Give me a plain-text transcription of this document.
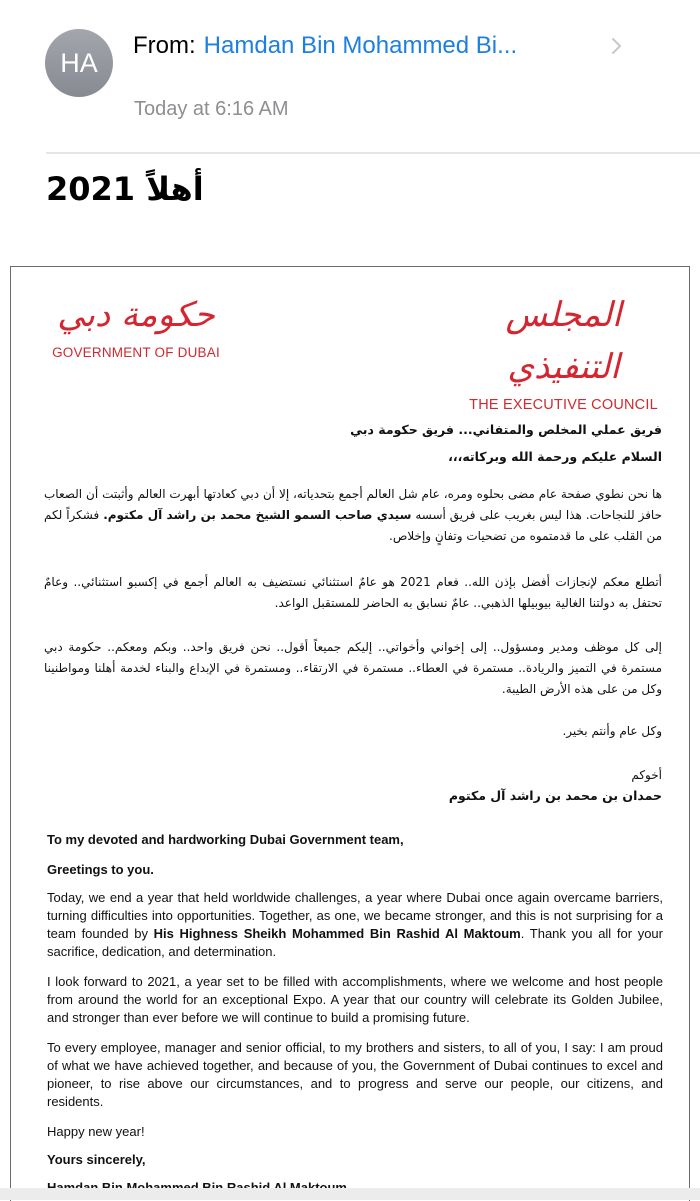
HA
From: Hamdan Bin Mohammed Bi...
Today at 6:16 AM
أهلاً 2021
حكومة دبي
GOVERNMENT OF DUBAI
المجلس التنفيذي
THE EXECUTIVE COUNCIL
فريق عملي المخلص والمتفاني... فريق حكومة دبي
السلام عليكم ورحمة الله وبركاته،،،
ها نحن نطوي صفحة عام مضى بحلوه ومره، عام شل العالم أجمع بتحدياته، إلا أن دبي كعادتها أبهرت العالم وأثبتت أن الصعاب حافز للنجاحات. هذا ليس بغريب على فريق أسسه سيدي صاحب السمو الشيخ محمد بن راشد آل مكتوم. فشكراً لكم من القلب على ما قدمتموه من تضحيات وتفانٍ وإخلاص.
أتطلع معكم لإنجازات أفضل بإذن الله.. فعام 2021 هو عامٌ استثنائي نستضيف به العالم أجمع في إكسبو استثنائي.. وعامٌ تحتفل به دولتنا الغالية بيوبيلها الذهبي.. عامٌ نسابق به الحاضر للمستقبل الواعد.
إلى كل موظف ومدير ومسؤول.. إلى إخواني وأخواتي.. إليكم جميعاً أقول.. نحن فريق واحد.. وبكم ومعكم.. حكومة دبي مستمرة في التميز والريادة.. مستمرة في العطاء.. مستمرة في الارتقاء.. ومستمرة في الإبداع والبناء لخدمة أهلنا ومواطنينا وكل من على هذه الأرض الطيبة.
وكل عام وأنتم بخير.
أخوكم
حمدان بن محمد بن راشد آل مكتوم
To my devoted and hardworking Dubai Government team,
Greetings to you.
Today, we end a year that held worldwide challenges, a year where Dubai once again overcame barriers, turning difficulties into opportunities. Together, as one, we became stronger, and this is not surprising for a team founded by His Highness Sheikh Mohammed Bin Rashid Al Maktoum. Thank you all for your sacrifice, dedication, and determination.
I look forward to 2021, a year set to be filled with accomplishments, where we welcome and host people from around the world for an exceptional Expo. A year that our country will celebrate its Golden Jubilee, and stronger than ever before we will continue to build a promising future.
To every employee, manager and senior official, to my brothers and sisters, to all of you, I say: I am proud of what we have achieved together, and because of you, the Government of Dubai continues to excel and pioneer, to rise above our circumstances, and to progress and serve our people, our citizens, and residents.
Happy new year!
Yours sincerely,
